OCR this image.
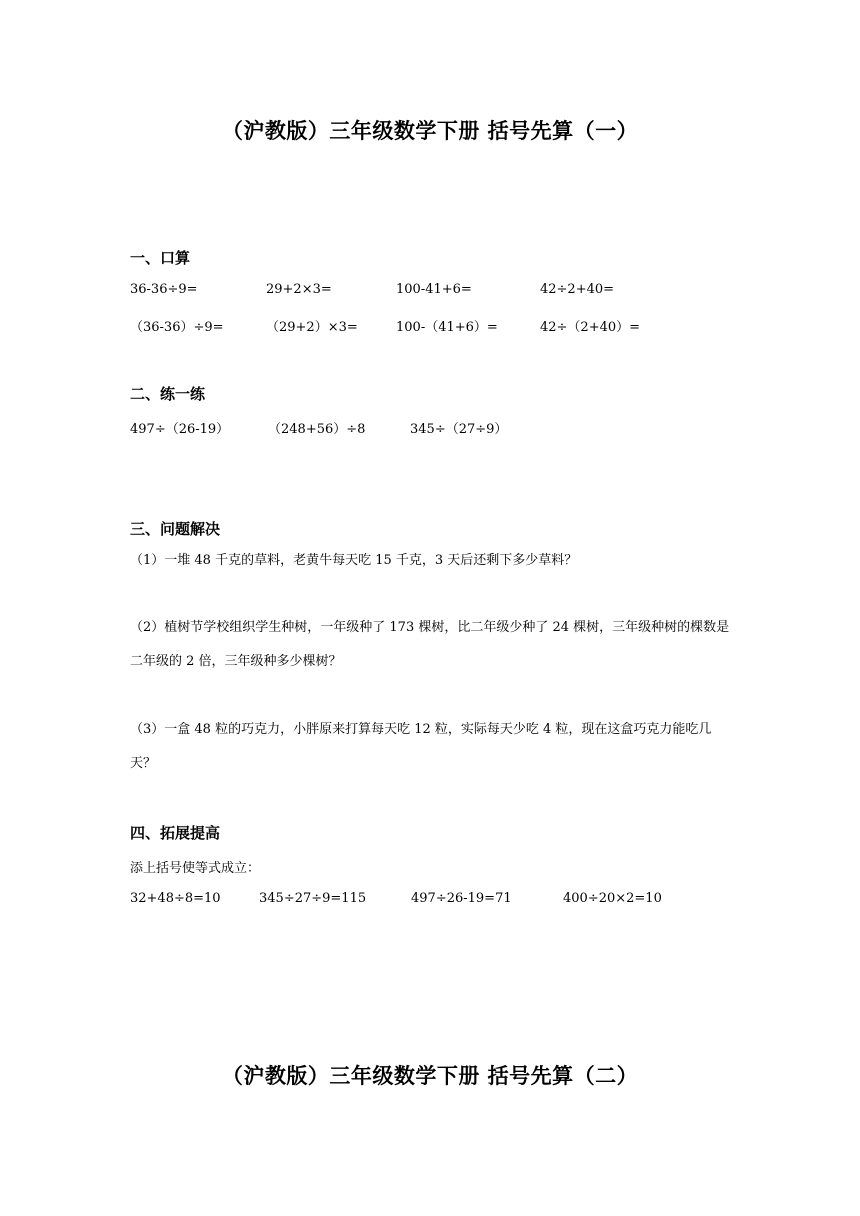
（沪教版）三年级数学下册 括号先算（一）
一、口算
36-36÷9=	29+2×3=	100-41+6=	42÷2+40=
（36-36）÷9=	（29+2）×3=	100-（41+6）=	42÷（2+40）=
二、练一练
497÷（26-19）	（248+56）÷8	345÷（27÷9）
三、问题解决
（1）一堆 48 千克的草料，老黄牛每天吃 15 千克，3 天后还剩下多少草料？
（2）植树节学校组织学生种树，一年级种了 173 棵树，比二年级少种了 24 棵树，三年级种树的棵数是二年级的 2 倍，三年级种多少棵树？
（3）一盒 48 粒的巧克力，小胖原来打算每天吃 12 粒，实际每天少吃 4 粒，现在这盒巧克力能吃几天？
四、拓展提高
添上括号使等式成立：
32+48÷8=10	345÷27÷9=115	497÷26-19=71	400÷20×2=10
（沪教版）三年级数学下册 括号先算（二）
